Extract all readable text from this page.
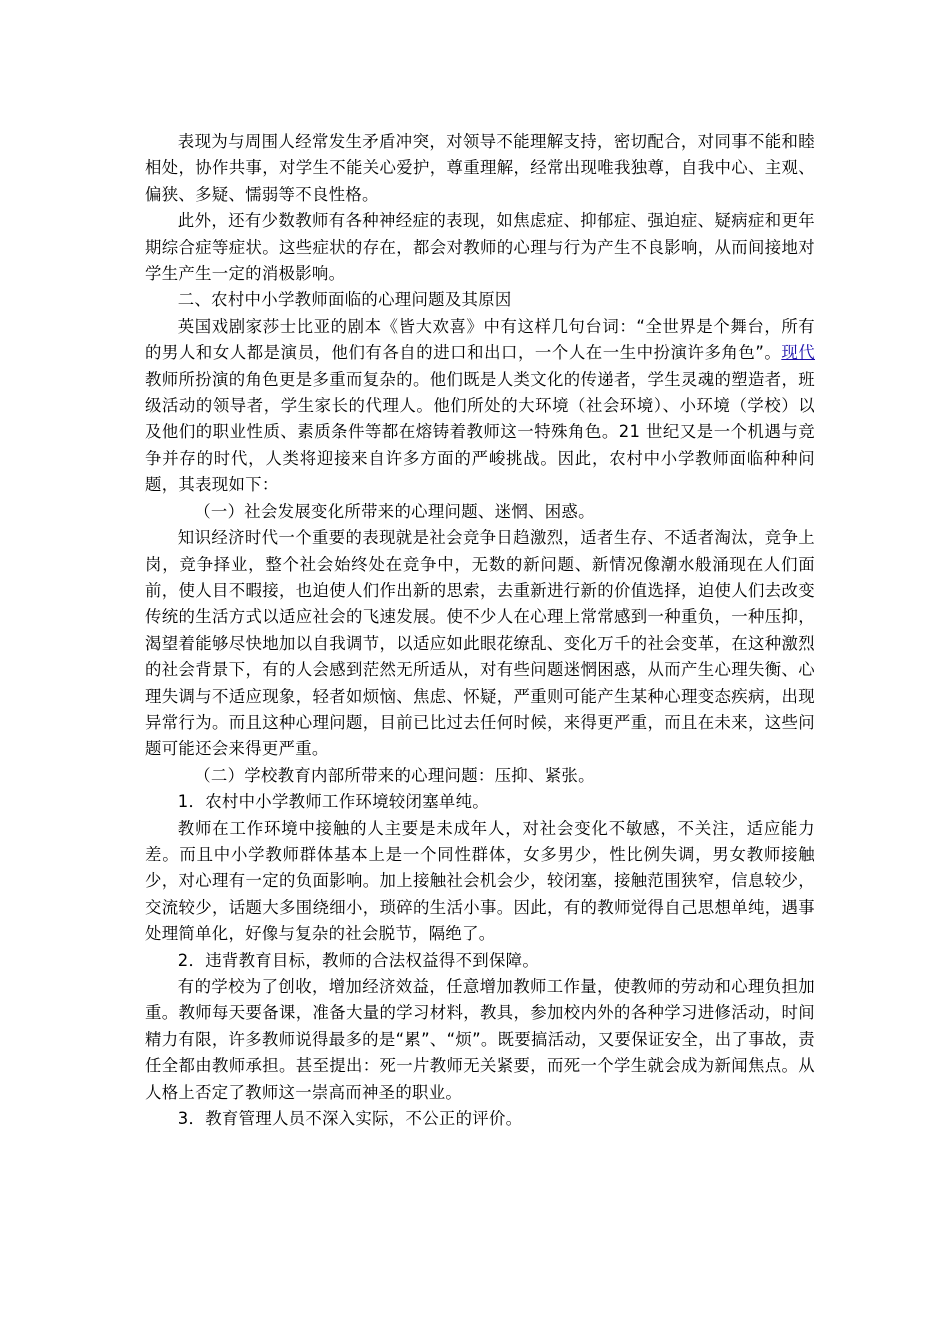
表现为与周围人经常发生矛盾冲突，对领导不能理解支持，密切配合，对同事不能和睦相处，协作共事，对学生不能关心爱护，尊重理解，经常出现唯我独尊，自我中心、主观、偏狭、多疑、懦弱等不良性格。

此外，还有少数教师有各种神经症的表现，如焦虑症、抑郁症、强迫症、疑病症和更年期综合症等症状。这些症状的存在，都会对教师的心理与行为产生不良影响，从而间接地对学生产生一定的消极影响。

二、农村中小学教师面临的心理问题及其原因

英国戏剧家莎士比亚的剧本《皆大欢喜》中有这样几句台词：“全世界是个舞台，所有的男人和女人都是演员，他们有各自的进口和出口，一个人在一生中扮演许多角色”。现代教师所扮演的角色更是多重而复杂的。他们既是人类文化的传递者，学生灵魂的塑造者，班级活动的领导者，学生家长的代理人。他们所处的大环境（社会环境）、小环境（学校）以及他们的职业性质、素质条件等都在熔铸着教师这一特殊角色。21 世纪又是一个机遇与竞争并存的时代，人类将迎接来自许多方面的严峻挑战。因此，农村中小学教师面临种种问题，其表现如下：

（一）社会发展变化所带来的心理问题、迷惘、困惑。

知识经济时代一个重要的表现就是社会竞争日趋激烈，适者生存、不适者淘汰，竞争上岗，竞争择业，整个社会始终处在竞争中，无数的新问题、新情况像潮水般涌现在人们面前，使人目不暇接，也迫使人们作出新的思索，去重新进行新的价值选择，迫使人们去改变传统的生活方式以适应社会的飞速发展。使不少人在心理上常常感到一种重负，一种压抑，渴望着能够尽快地加以自我调节，以适应如此眼花缭乱、变化万千的社会变革，在这种激烈的社会背景下，有的人会感到茫然无所适从，对有些问题迷惘困惑，从而产生心理失衡、心理失调与不适应现象，轻者如烦恼、焦虑、怀疑，严重则可能产生某种心理变态疾病，出现异常行为。而且这种心理问题，目前已比过去任何时候，来得更严重，而且在未来，这些问题可能还会来得更严重。

（二）学校教育内部所带来的心理问题：压抑、紧张。

1．农村中小学教师工作环境较闭塞单纯。

教师在工作环境中接触的人主要是未成年人，对社会变化不敏感，不关注，适应能力差。而且中小学教师群体基本上是一个同性群体，女多男少，性比例失调，男女教师接触少，对心理有一定的负面影响。加上接触社会机会少，较闭塞，接触范围狭窄，信息较少，交流较少，话题大多围绕细小，琐碎的生活小事。因此，有的教师觉得自己思想单纯，遇事处理简单化，好像与复杂的社会脱节，隔绝了。

2．违背教育目标，教师的合法权益得不到保障。

有的学校为了创收，增加经济效益，任意增加教师工作量，使教师的劳动和心理负担加重。教师每天要备课，准备大量的学习材料，教具，参加校内外的各种学习进修活动，时间精力有限，许多教师说得最多的是“累”、“烦”。既要搞活动，又要保证安全，出了事故，责任全都由教师承担。甚至提出：死一片教师无关紧要，而死一个学生就会成为新闻焦点。从人格上否定了教师这一崇高而神圣的职业。

3．教育管理人员不深入实际，不公正的评价。
